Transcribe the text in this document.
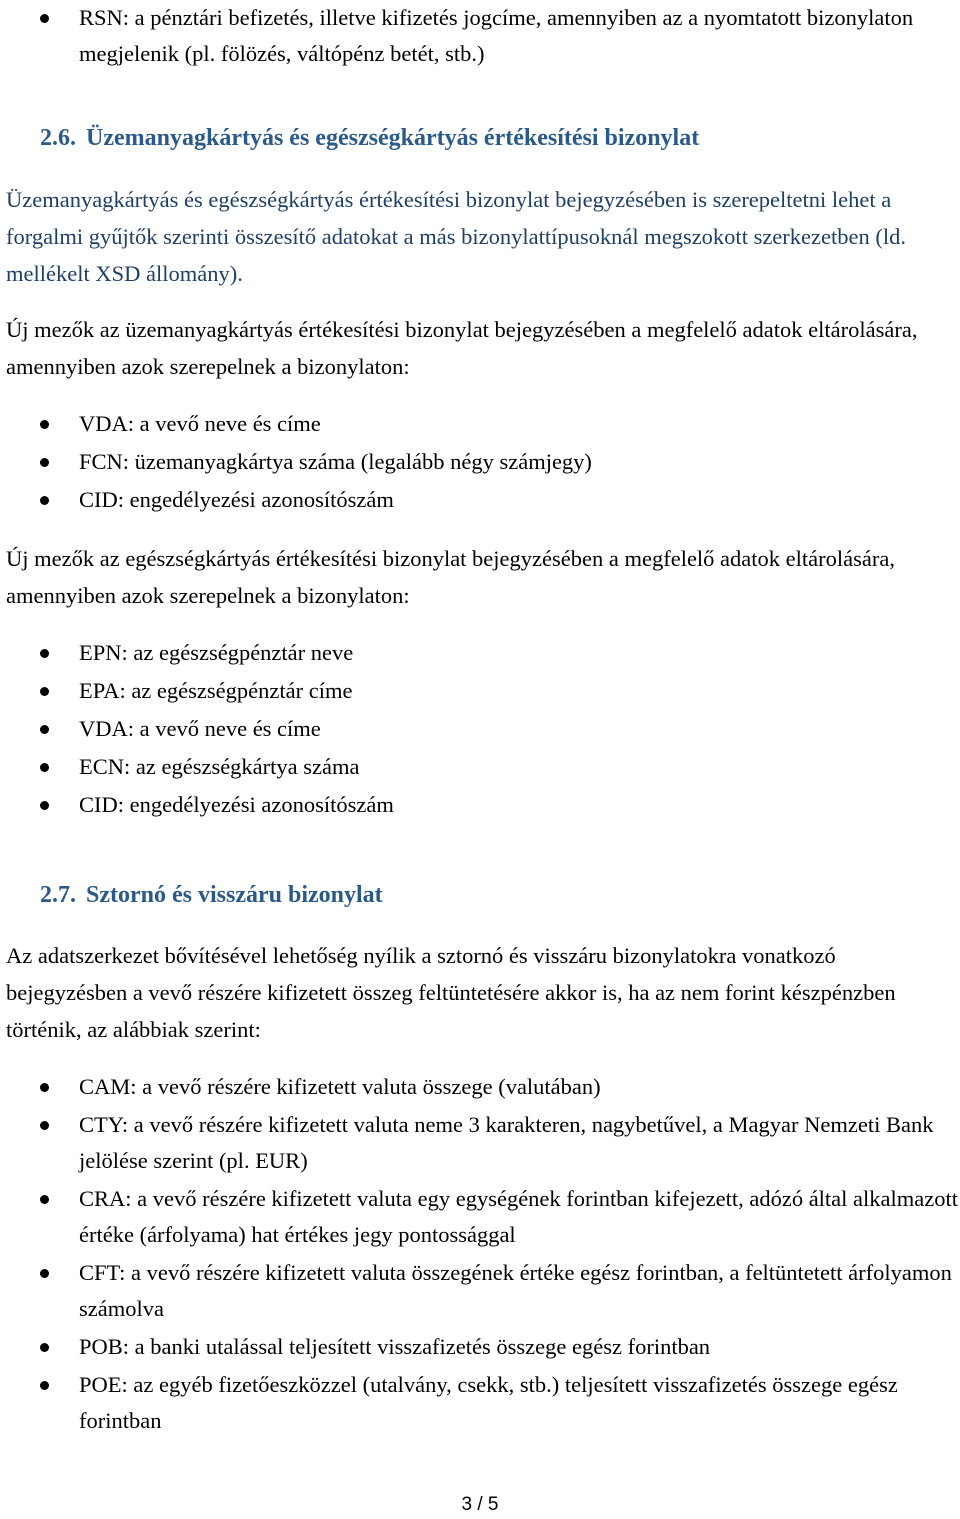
RSN: a pénztári befizetés, illetve kifizetés jogcíme, amennyiben az a nyomtatott bizonylaton megjelenik (pl. fölözés, váltópénz betét, stb.)
2.6. Üzemanyagkártyás és egészségkártyás értékesítési bizonylat

Üzemanyagkártyás és egészségkártyás értékesítési bizonylat bejegyzésében is szerepeltetni lehet a forgalmi gyűjtők szerinti összesítő adatokat a más bizonylattípusoknál megszokott szerkezetben (ld. mellékelt XSD állomány).

Új mezők az üzemanyagkártyás értékesítési bizonylat bejegyzésében a megfelelő adatok eltárolására, amennyiben azok szerepelnek a bizonylaton:

VDA: a vevő neve és címe
FCN: üzemanyagkártya száma (legalább négy számjegy)
CID: engedélyezési azonosítószám

Új mezők az egészségkártyás értékesítési bizonylat bejegyzésében a megfelelő adatok eltárolására, amennyiben azok szerepelnek a bizonylaton:

EPN: az egészségpénztár neve
EPA: az egészségpénztár címe
VDA: a vevő neve és címe
ECN: az egészségkártya száma
CID: engedélyezési azonosítószám
2.7. Sztornó és visszáru bizonylat

Az adatszerkezet bővítésével lehetőség nyílik a sztornó és visszáru bizonylatokra vonatkozó bejegyzésben a vevő részére kifizetett összeg feltüntetésére akkor is, ha az nem forint készpénzben történik, az alábbiak szerint:

CAM: a vevő részére kifizetett valuta összege (valutában)
CTY: a vevő részére kifizetett valuta neme 3 karakteren, nagybetűvel, a Magyar Nemzeti Bank jelölése szerint (pl. EUR)
CRA: a vevő részére kifizetett valuta egy egységének forintban kifejezett, adózó által alkalmazott értéke (árfolyama) hat értékes jegy pontossággal
CFT: a vevő részére kifizetett valuta összegének értéke egész forintban, a feltüntetett árfolyamon számolva
POB: a banki utalással teljesített visszafizetés összege egész forintban
POE: az egyéb fizetőeszközzel (utalvány, csekk, stb.) teljesített visszafizetés összege egész forintban
3 / 5
